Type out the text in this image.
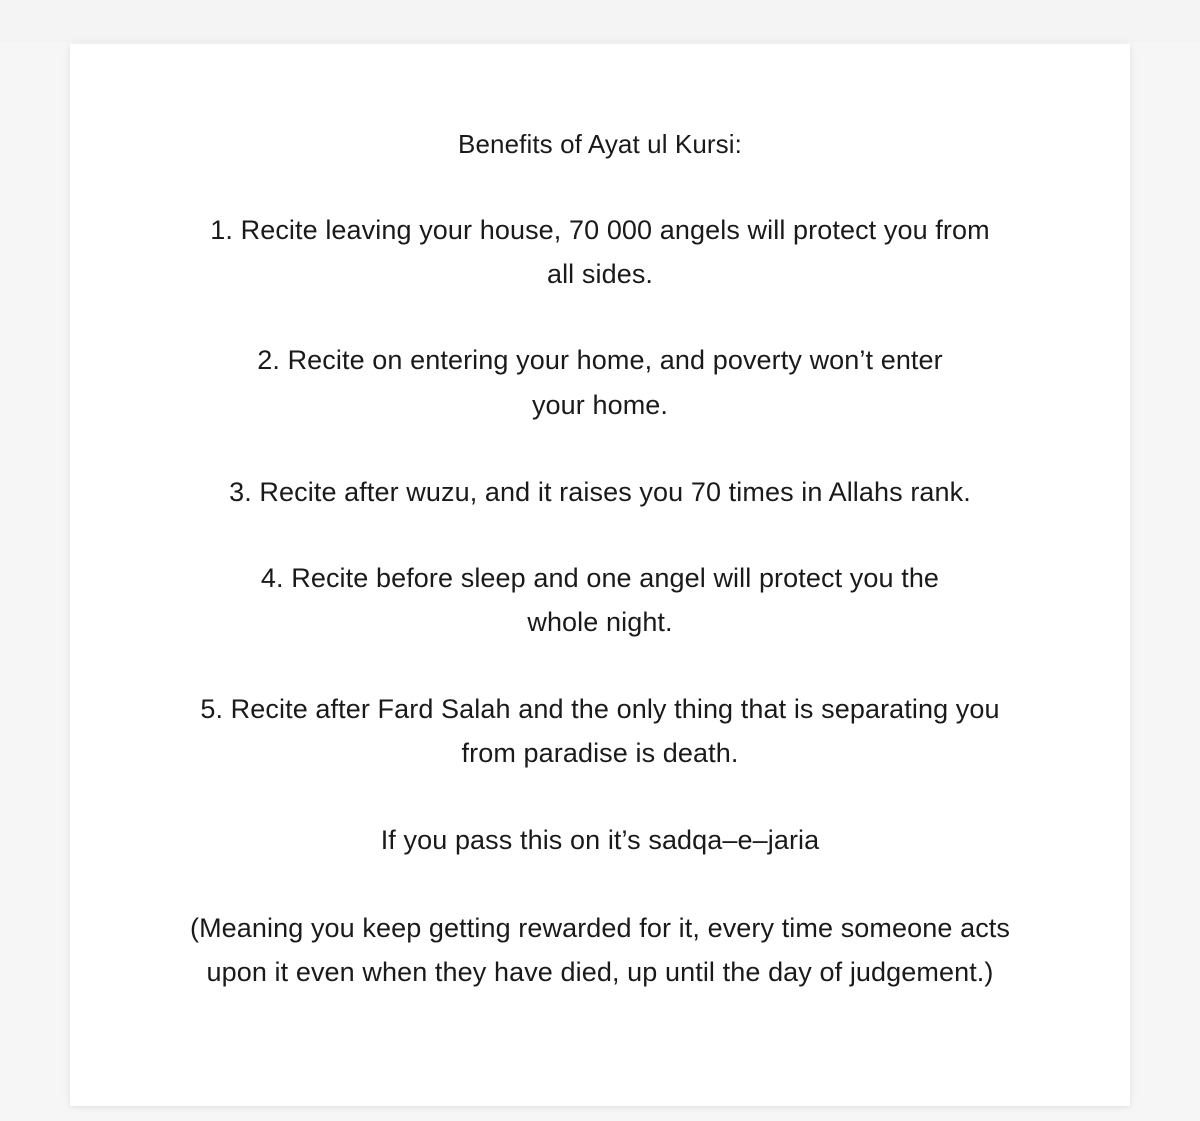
Benefits of Ayat ul Kursi:
1. Recite leaving your house, 70 000 angels will protect you from
all sides.
2. Recite on entering your home, and poverty won’t enter
your home.
3. Recite after wuzu, and it raises you 70 times in Allahs rank.
4. Recite before sleep and one angel will protect you the
whole night.
5. Recite after Fard Salah and the only thing that is separating you
from paradise is death.
If you pass this on it’s sadqa–e–jaria
(Meaning you keep getting rewarded for it, every time someone acts
upon it even when they have died, up until the day of judgement.)
